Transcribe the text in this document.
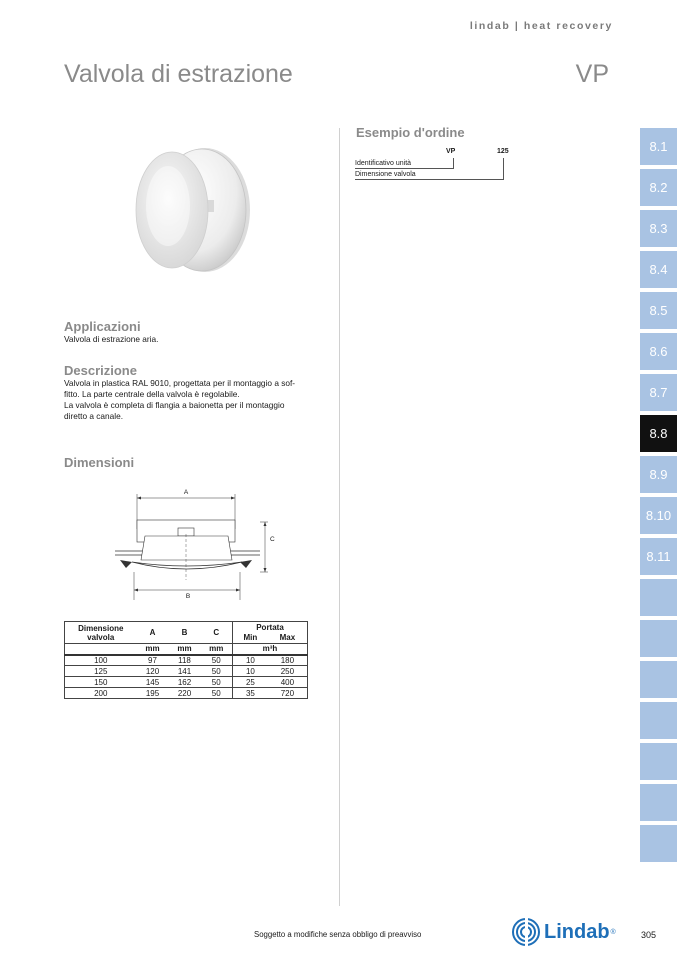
lindab | heat recovery
Valvola di estrazione	VP
Applicazioni
Valvola di estrazione aria.
Descrizione
Valvola in plastica RAL 9010, progettata per il montaggio a sof-
fitto. La parte centrale della valvola è regolabile.
La valvola è completa di flangia a baionetta per il montaggio
diretto a canale.
Dimensioni
A
C
B
Dimensione
valvola	A	B	C	Portata	
				Min	Max
	mm	mm	mm	m³h	
100	97	118	50	10	180
125	120	141	50	10	250
150	145	162	50	25	400
200	195	220	50	35	720
Esempio d'ordine
VP	125
Identificativo unità
Dimensione valvola
8.1
8.2
8.3
8.4
8.5
8.6
8.7
8.8
8.9
8.10
8.11
Soggetto a modifiche senza obbligo di preavviso	Lindab ®	305
